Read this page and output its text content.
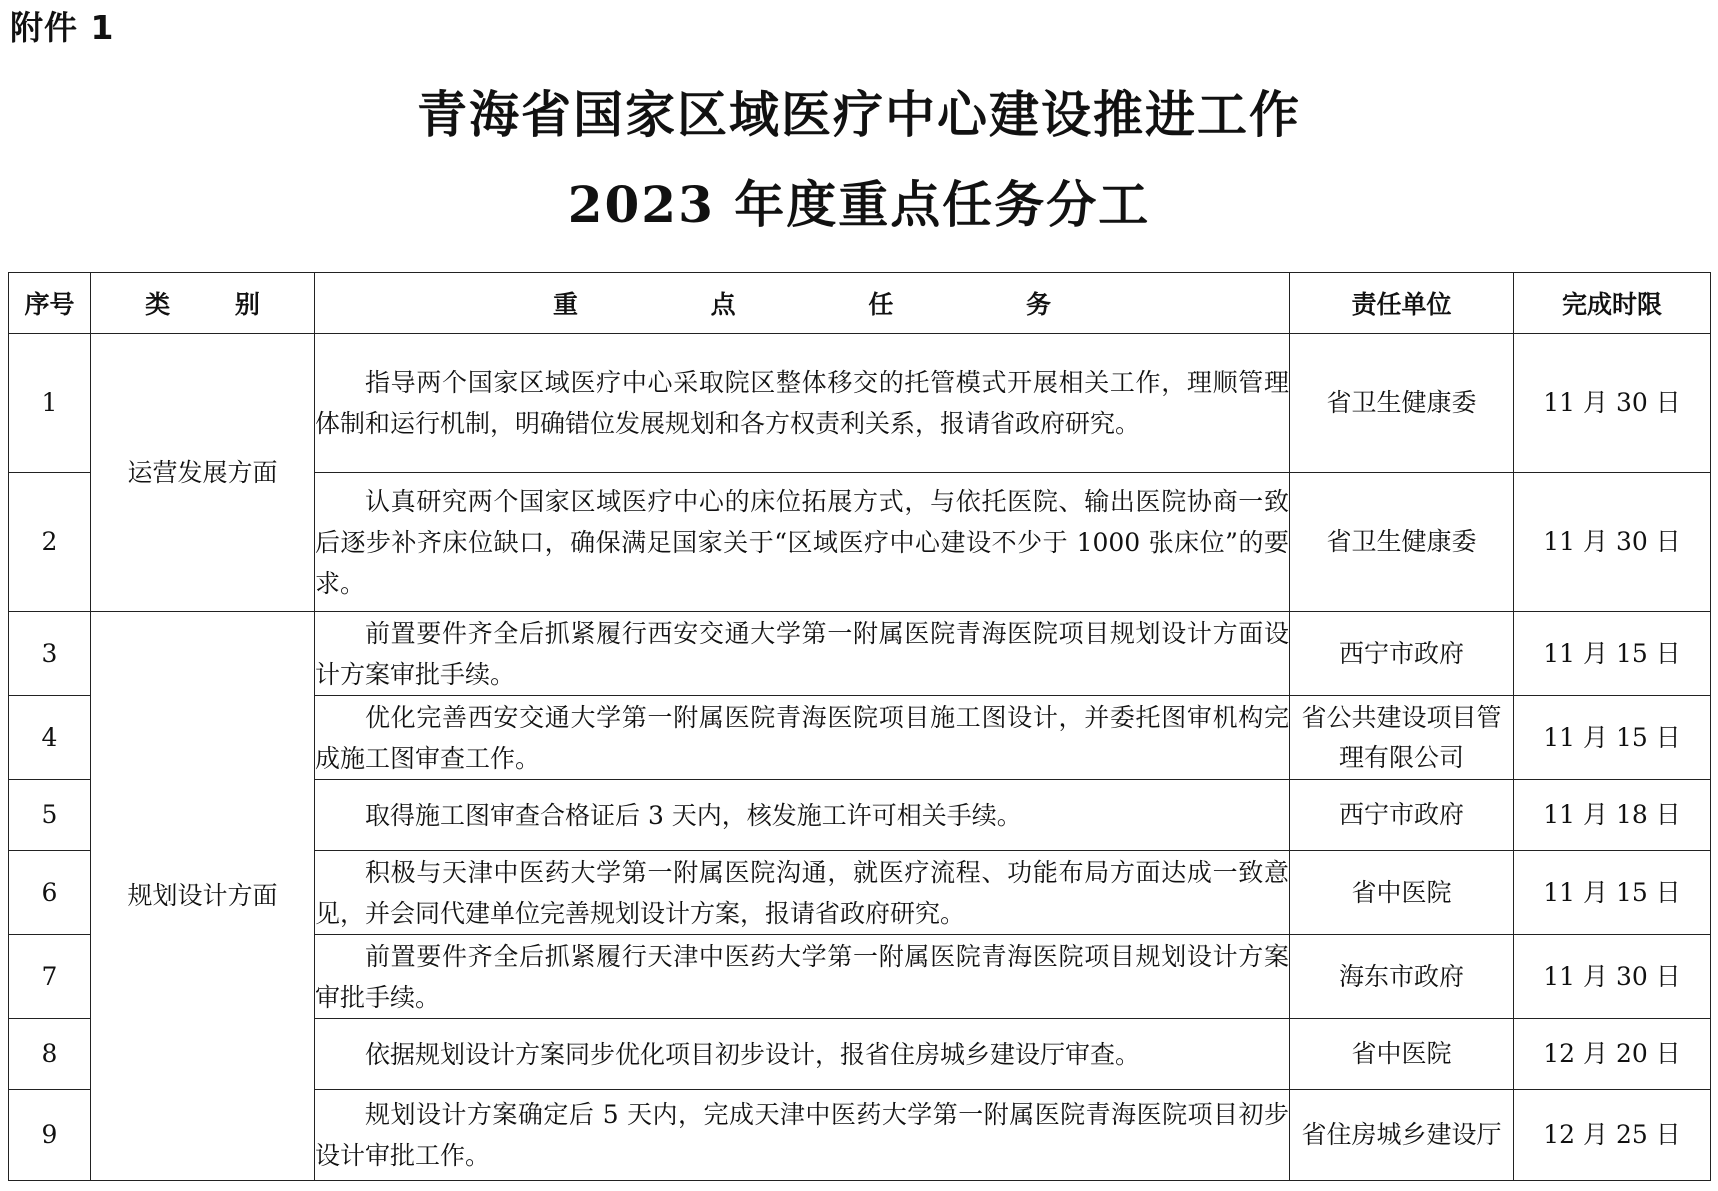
附件 1
青海省国家区域医疗中心建设推进工作
2023 年度重点任务分工
序号	类 别	重 点 任 务	责任单位	完成时限
1	运营发展方面	指导两个国家区域医疗中心采取院区整体移交的托管模式开展相关工作，理顺管理体制和运行机制，明确错位发展规划和各方权责利关系，报请省政府研究。	省卫生健康委	11 月 30 日
2		认真研究两个国家区域医疗中心的床位拓展方式，与依托医院、输出医院协商一致后逐步补齐床位缺口，确保满足国家关于“区域医疗中心建设不少于 1000 张床位”的要求。	省卫生健康委	11 月 30 日
3	规划设计方面	前置要件齐全后抓紧履行西安交通大学第一附属医院青海医院项目规划设计方面设计方案审批手续。	西宁市政府	11 月 15 日
4		优化完善西安交通大学第一附属医院青海医院项目施工图设计，并委托图审机构完成施工图审查工作。	省公共建设项目管理有限公司	11 月 15 日
5		取得施工图审查合格证后 3 天内，核发施工许可相关手续。	西宁市政府	11 月 18 日
6		积极与天津中医药大学第一附属医院沟通，就医疗流程、功能布局方面达成一致意见，并会同代建单位完善规划设计方案，报请省政府研究。	省中医院	11 月 15 日
7		前置要件齐全后抓紧履行天津中医药大学第一附属医院青海医院项目规划设计方案审批手续。	海东市政府	11 月 30 日
8		依据规划设计方案同步优化项目初步设计，报省住房城乡建设厅审查。	省中医院	12 月 20 日
9		规划设计方案确定后 5 天内，完成天津中医药大学第一附属医院青海医院项目初步设计审批工作。	省住房城乡建设厅	12 月 25 日
